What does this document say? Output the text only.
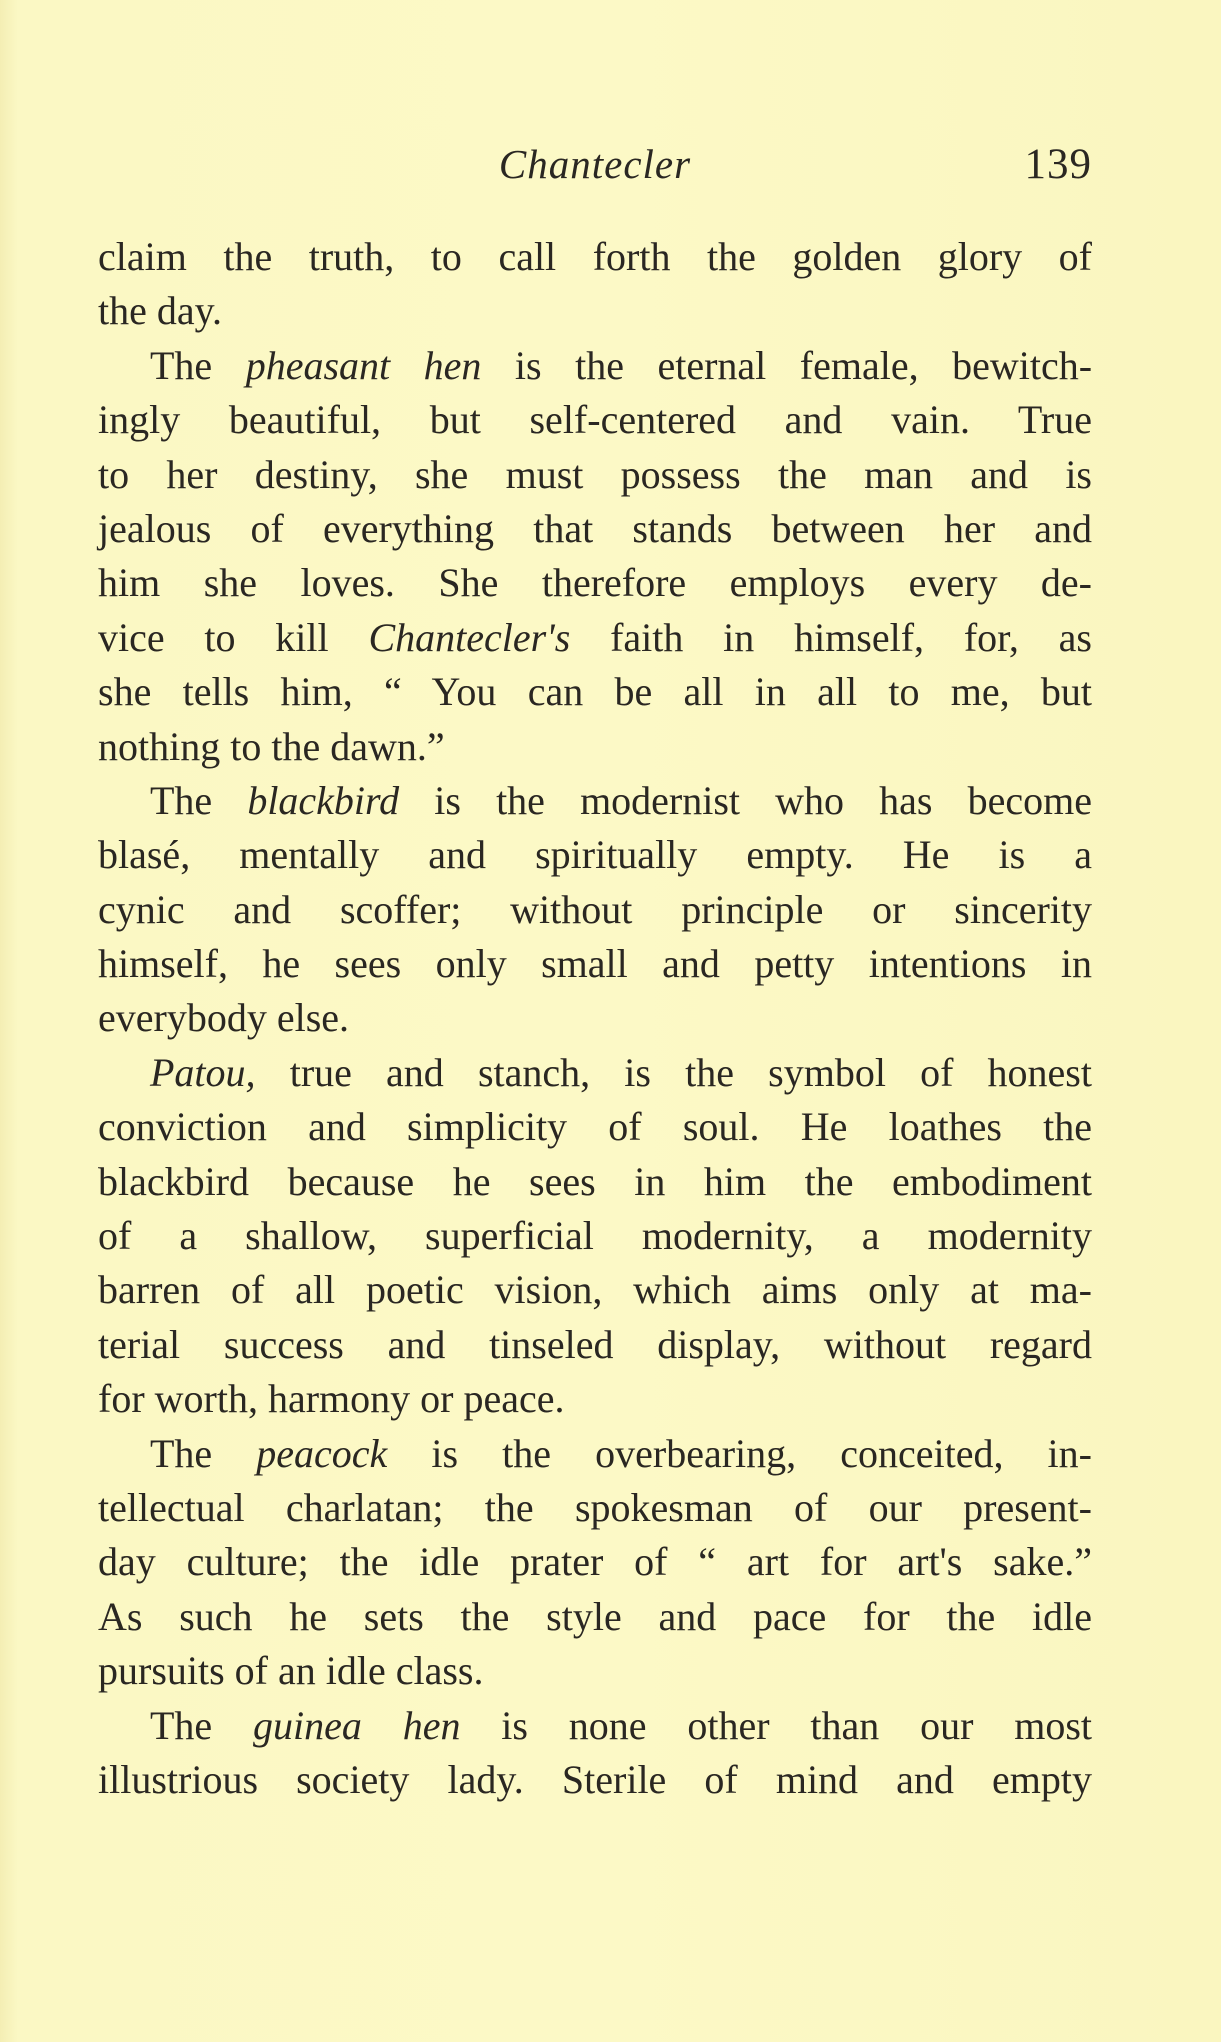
Chantecler	139
claim the truth, to call forth the golden glory of
the day.
The pheasant hen is the eternal female, bewitch-
ingly beautiful, but self-centered and vain. True
to her destiny, she must possess the man and is
jealous of everything that stands between her and
him she loves. She therefore employs every de-
vice to kill Chantecler's faith in himself, for, as
she tells him, “ You can be all in all to me, but
nothing to the dawn.”
The blackbird is the modernist who has become
blasé, mentally and spiritually empty. He is a
cynic and scoffer; without principle or sincerity
himself, he sees only small and petty intentions in
everybody else.
Patou, true and stanch, is the symbol of honest
conviction and simplicity of soul. He loathes the
blackbird because he sees in him the embodiment
of a shallow, superficial modernity, a modernity
barren of all poetic vision, which aims only at ma-
terial success and tinseled display, without regard
for worth, harmony or peace.
The peacock is the overbearing, conceited, in-
tellectual charlatan; the spokesman of our present-
day culture; the idle prater of “ art for art's sake.”
As such he sets the style and pace for the idle
pursuits of an idle class.
The guinea hen is none other than our most
illustrious society lady. Sterile of mind and empty
